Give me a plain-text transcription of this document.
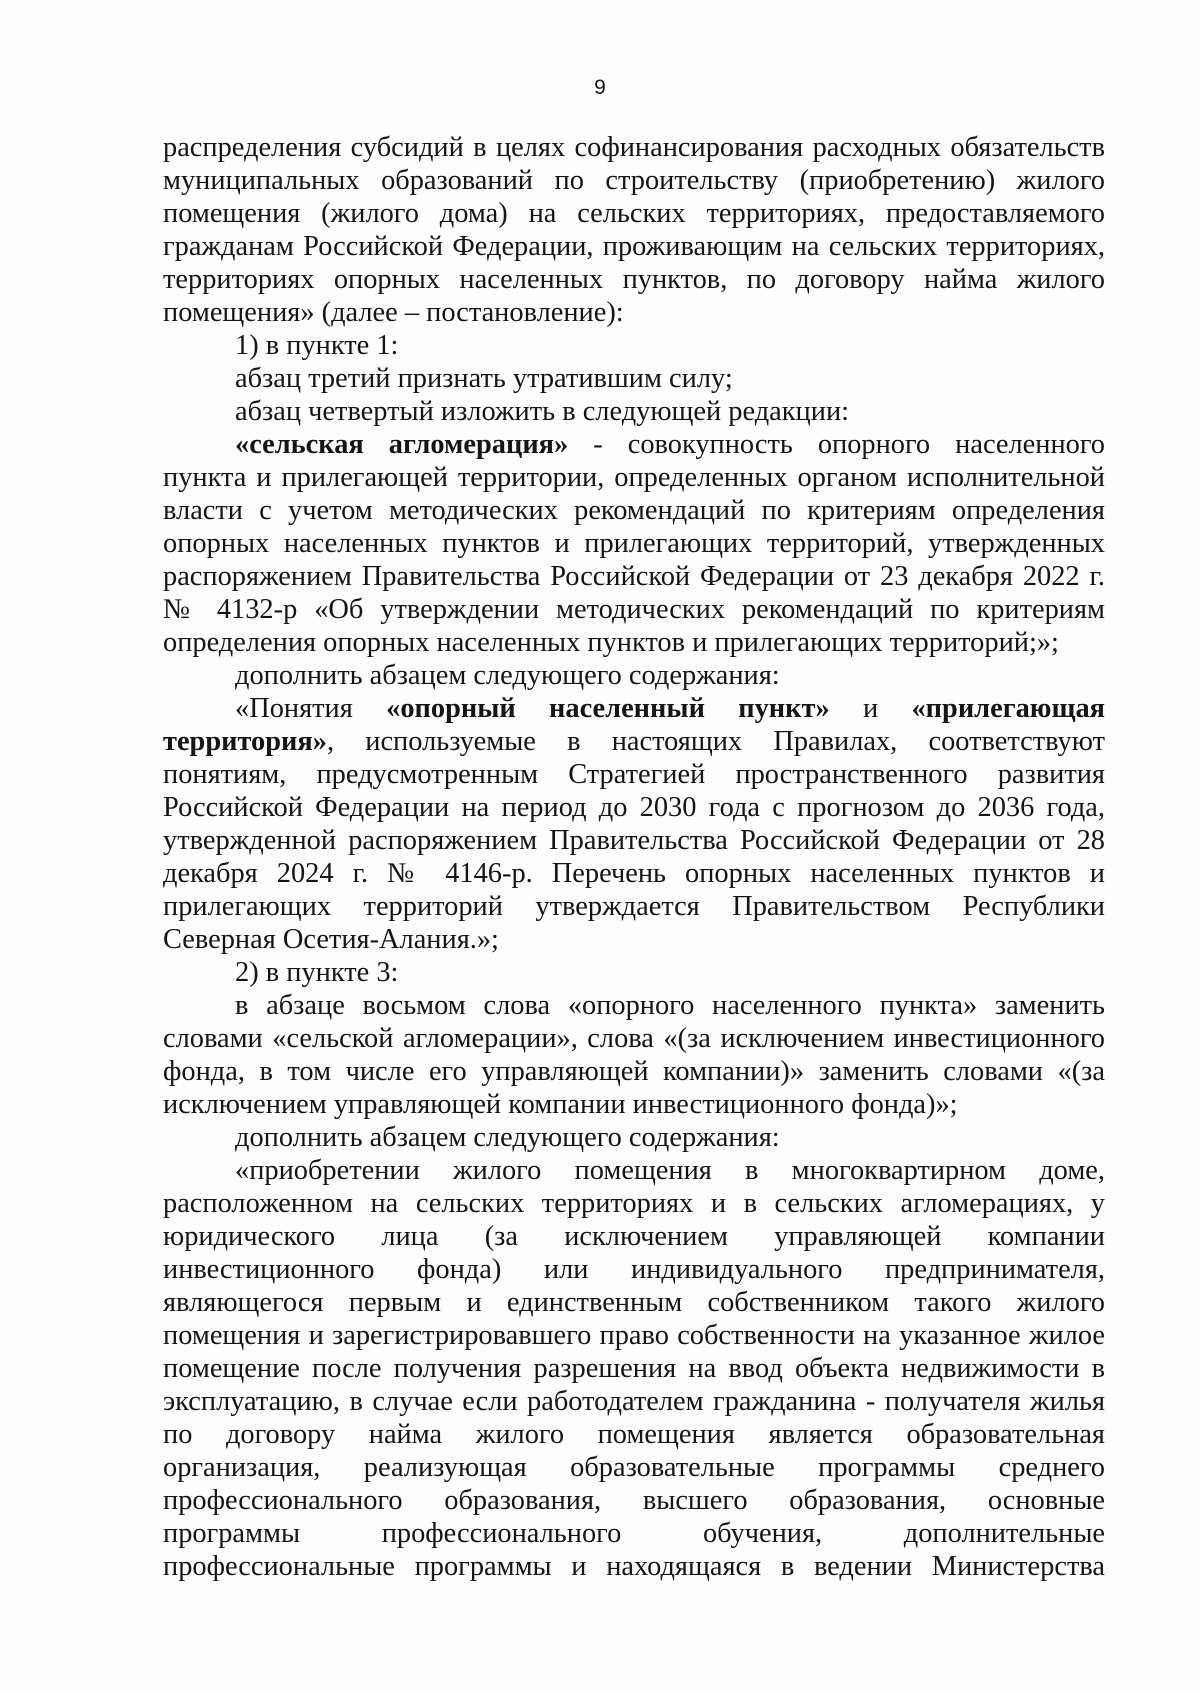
9

распределения субсидий в целях софинансирования расходных обязательств муниципальных образований по строительству (приобретению) жилого помещения (жилого дома) на сельских территориях, предоставляемого гражданам Российской Федерации, проживающим на сельских территориях, территориях опорных населенных пунктов, по договору найма жилого помещения» (далее – постановление):

1) в пункте 1:

абзац третий признать утратившим силу;

абзац четвертый изложить в следующей редакции:

«сельская агломерация» - совокупность опорного населенного пункта и прилегающей территории, определенных органом исполнительной власти с учетом методических рекомендаций по критериям определения опорных населенных пунктов и прилегающих территорий, утвержденных распоряжением Правительства Российской Федерации от 23 декабря 2022 г. № 4132-р «Об утверждении методических рекомендаций по критериям определения опорных населенных пунктов и прилегающих территорий;»;

дополнить абзацем следующего содержания:

«Понятия «опорный населенный пункт» и «прилегающая территория», используемые в настоящих Правилах, соответствуют понятиям, предусмотренным Стратегией пространственного развития Российской Федерации на период до 2030 года с прогнозом до 2036 года, утвержденной распоряжением Правительства Российской Федерации от 28 декабря 2024 г. № 4146-р. Перечень опорных населенных пунктов и прилегающих территорий утверждается Правительством Республики Северная Осетия-Алания.»;

2) в пункте 3:

в абзаце восьмом слова «опорного населенного пункта» заменить словами «сельской агломерации», слова «(за исключением инвестиционного фонда, в том числе его управляющей компании)» заменить словами «(за исключением управляющей компании инвестиционного фонда)»;

дополнить абзацем следующего содержания:

«приобретении жилого помещения в многоквартирном доме, расположенном на сельских территориях и в сельских агломерациях, у юридического лица (за исключением управляющей компании инвестиционного фонда) или индивидуального предпринимателя, являющегося первым и единственным собственником такого жилого помещения и зарегистрировавшего право собственности на указанное жилое помещение после получения разрешения на ввод объекта недвижимости в эксплуатацию, в случае если работодателем гражданина - получателя жилья по договору найма жилого помещения является образовательная организация, реализующая образовательные программы среднего профессионального образования, высшего образования, основные программы профессионального обучения, дополнительные профессиональные программы и находящаяся в ведении Министерства
